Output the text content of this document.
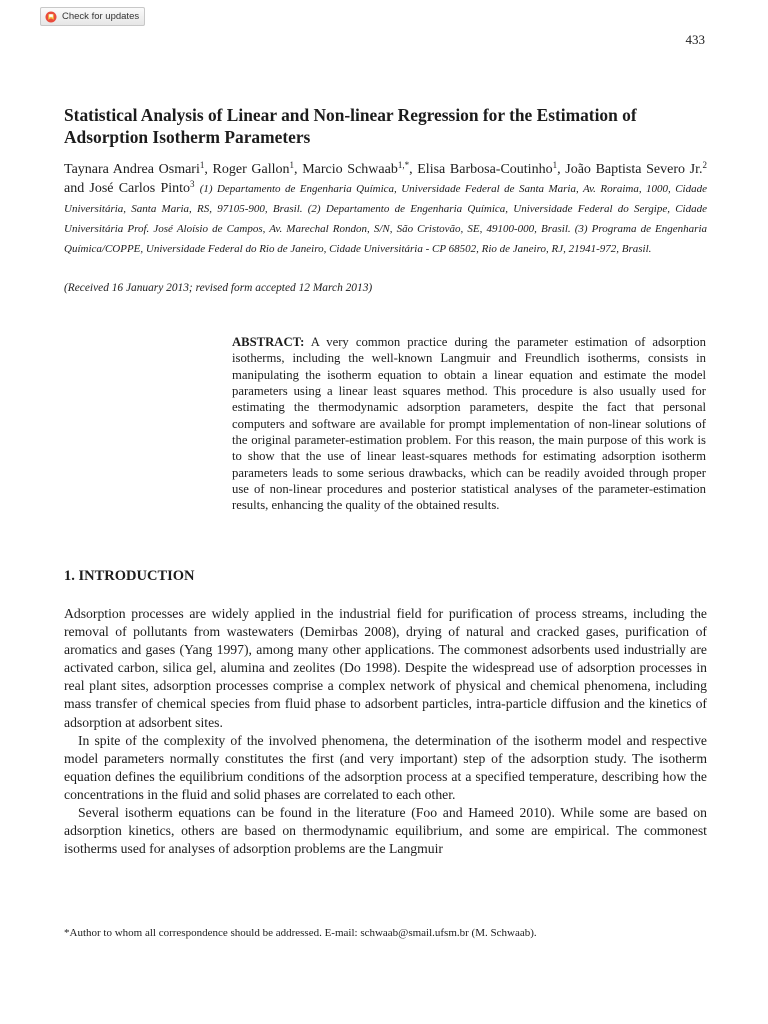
Check for updates
433
Statistical Analysis of Linear and Non-linear Regression for the Estimation of Adsorption Isotherm Parameters

Taynara Andrea Osmari$^1$, Roger Gallon$^1$, Marcio Schwaab$^{1,*}$, Elisa Barbosa-Coutinho$^1$, João Baptista Severo Jr.$^2$ and José Carlos Pinto$^3$ (1) Departamento de Engenharia Química, Universidade Federal de Santa Maria, Av. Roraima, 1000, Cidade Universitária, Santa Maria, RS, 97105-900, Brasil. (2) Departamento de Engenharia Química, Universidade Federal do Sergipe, Cidade Universitária Prof. José Aloísio de Campos, Av. Marechal Rondon, S/N, São Cristovão, SE, 49100-000, Brasil. (3) Programa de Engenharia Química/COPPE, Universidade Federal do Rio de Janeiro, Cidade Universitária - CP 68502, Rio de Janeiro, RJ, 21941-972, Brasil.

(Received 16 January 2013; revised form accepted 12 March 2013)

ABSTRACT: A very common practice during the parameter estimation of adsorption isotherms, including the well-known Langmuir and Freundlich isotherms, consists in manipulating the isotherm equation to obtain a linear equation and estimate the model parameters using a linear least squares method. This procedure is also usually used for estimating the thermodynamic adsorption parameters, despite the fact that personal computers and software are available for prompt implementation of non-linear solutions of the original parameter-estimation problem. For this reason, the main purpose of this work is to show that the use of linear least-squares methods for estimating adsorption isotherm parameters leads to some serious drawbacks, which can be readily avoided through proper use of non-linear procedures and posterior statistical analyses of the parameter-estimation results, enhancing the quality of the obtained results.

1. INTRODUCTION

Adsorption processes are widely applied in the industrial field for purification of process streams, including the removal of pollutants from wastewaters (Demirbas 2008), drying of natural and cracked gases, purification of aromatics and gases (Yang 1997), among many other applications. The commonest adsorbents used industrially are activated carbon, silica gel, alumina and zeolites (Do 1998). Despite the widespread use of adsorption processes in real plant sites, adsorption processes comprise a complex network of physical and chemical phenomena, including mass transfer of chemical species from fluid phase to adsorbent particles, intra-particle diffusion and the kinetics of adsorption at adsorbent sites.

In spite of the complexity of the involved phenomena, the determination of the isotherm model and respective model parameters normally constitutes the first (and very important) step of the adsorption study. The isotherm equation defines the equilibrium conditions of the adsorption process at a specified temperature, describing how the concentrations in the fluid and solid phases are correlated to each other.

Several isotherm equations can be found in the literature (Foo and Hameed 2010). While some are based on adsorption kinetics, others are based on thermodynamic equilibrium, and some are empirical. The commonest isotherms used for analyses of adsorption problems are the Langmuir

*Author to whom all correspondence should be addressed. E-mail: schwaab@smail.ufsm.br (M. Schwaab).
